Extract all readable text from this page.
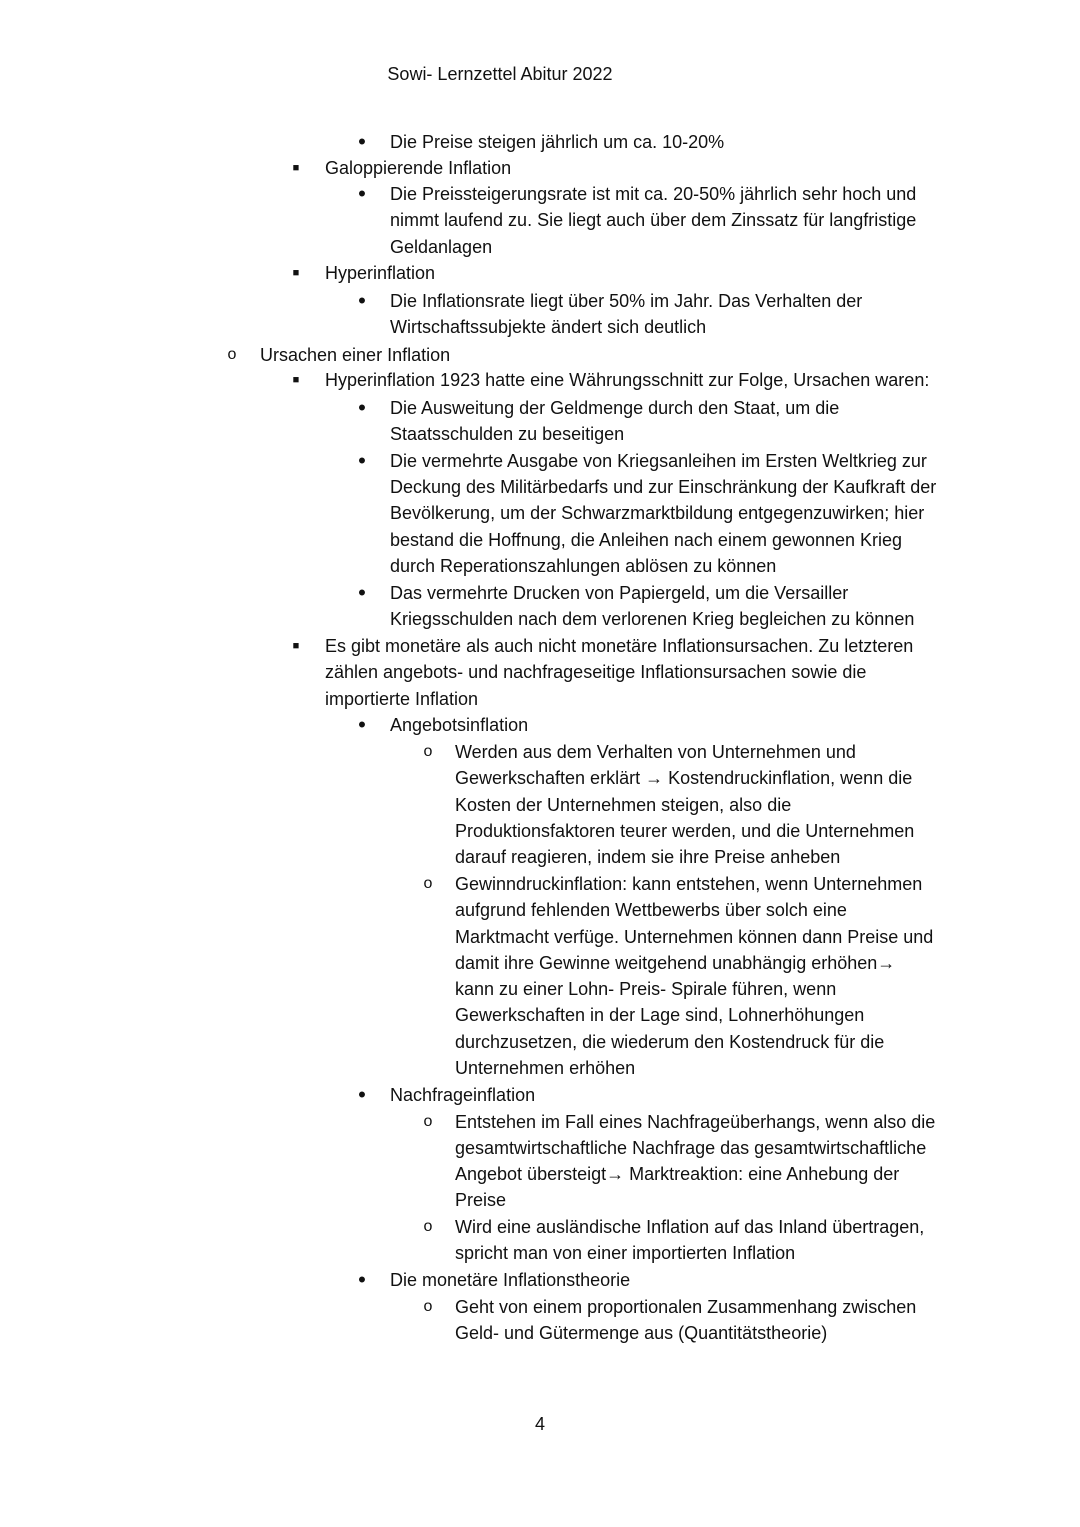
Sowi- Lernzettel Abitur 2022
•
■
•
■
•
o
■
•
•
•
■
•
o
o
•
o
o
•
o
Die Preise steigen jährlich um ca. 10-20%
Galoppierende Inflation
Die Preissteigerungsrate ist mit ca. 20-50% jährlich sehr hoch und
nimmt laufend zu. Sie liegt auch über dem Zinssatz für langfristige
Geldanlagen
Hyperinflation
Die Inflationsrate liegt über 50% im Jahr. Das Verhalten der
Wirtschaftssubjekte ändert sich deutlich
Ursachen einer Inflation
Hyperinflation 1923 hatte eine Währungsschnitt zur Folge, Ursachen waren:
Die Ausweitung der Geldmenge durch den Staat, um die
Staatsschulden zu beseitigen
Die vermehrte Ausgabe von Kriegsanleihen im Ersten Weltkrieg zur
Deckung des Militärbedarfs und zur Einschränkung der Kaufkraft der
Bevölkerung, um der Schwarzmarktbildung entgegenzuwirken; hier
bestand die Hoffnung, die Anleihen nach einem gewonnen Krieg
durch Reperationszahlungen ablösen zu können
Das vermehrte Drucken von Papiergeld, um die Versailler
Kriegsschulden nach dem verlorenen Krieg begleichen zu können
Es gibt monetäre als auch nicht monetäre Inflationsursachen. Zu letzteren
zählen angebots- und nachfrageseitige Inflationsursachen sowie die
importierte Inflation
Angebotsinflation
Werden aus dem Verhalten von Unternehmen und
Gewerkschaften erklärt → Kostendruckinflation, wenn die
Kosten der Unternehmen steigen, also die
Produktionsfaktoren teurer werden, und die Unternehmen
darauf reagieren, indem sie ihre Preise anheben
Gewinndruckinflation: kann entstehen, wenn Unternehmen
aufgrund fehlenden Wettbewerbs über solch eine
Marktmacht verfüge. Unternehmen können dann Preise und
damit ihre Gewinne weitgehend unabhängig erhöhen→
kann zu einer Lohn- Preis- Spirale führen, wenn
Gewerkschaften in der Lage sind, Lohnerhöhungen
durchzusetzen, die wiederum den Kostendruck für die
Unternehmen erhöhen
Nachfrageinflation
Entstehen im Fall eines Nachfrageüberhangs, wenn also die
gesamtwirtschaftliche Nachfrage das gesamtwirtschaftliche
Angebot übersteigt→ Marktreaktion: eine Anhebung der
Preise
Wird eine ausländische Inflation auf das Inland übertragen,
spricht man von einer importierten Inflation
Die monetäre Inflationstheorie
Geht von einem proportionalen Zusammenhang zwischen
Geld- und Gütermenge aus (Quantitätstheorie)
4
